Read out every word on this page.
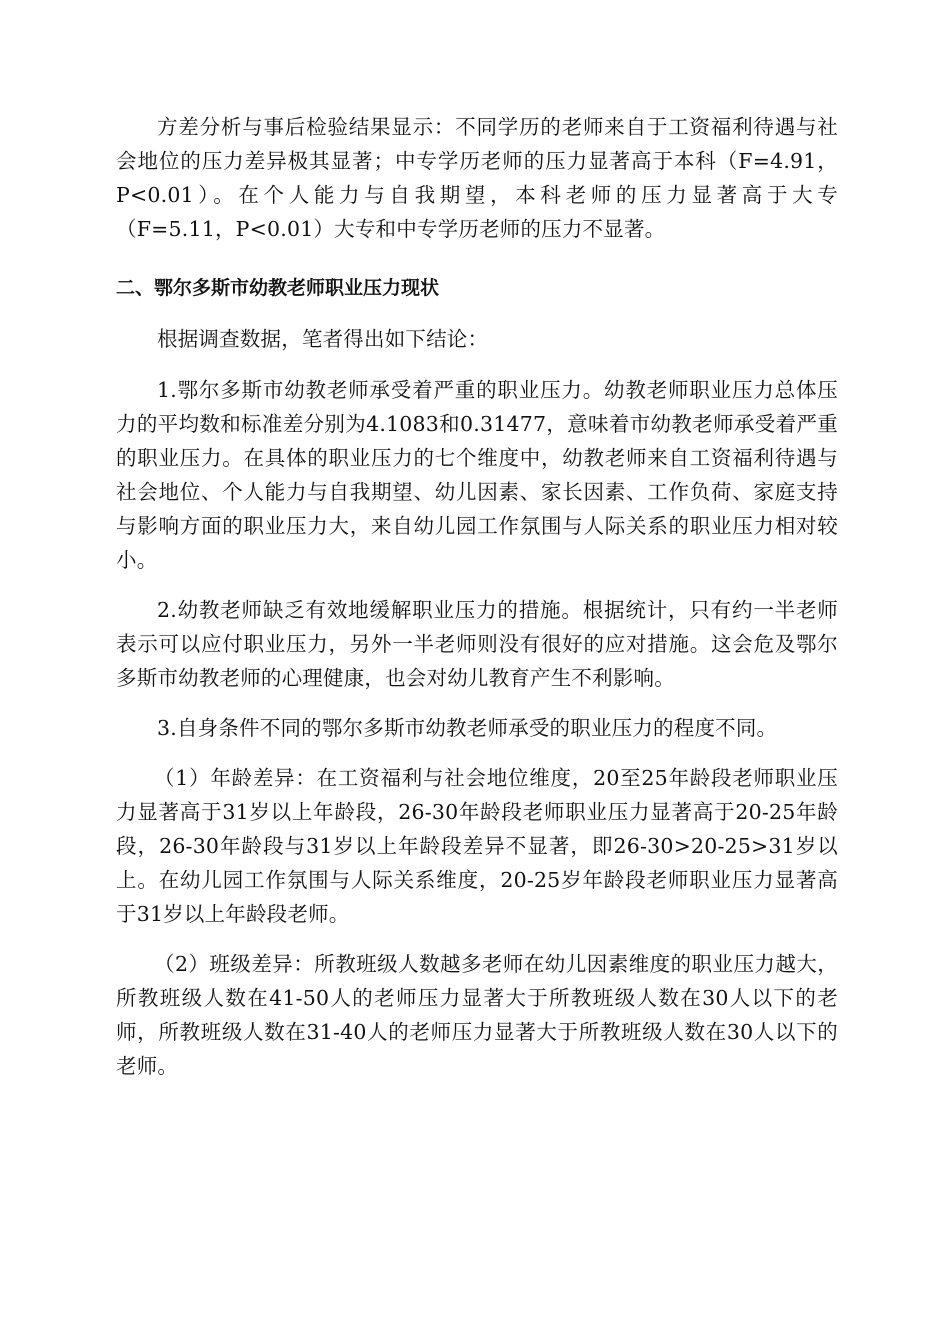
方差分析与事后检验结果显示：不同学历的老师来自于工资福利待遇与社会地位的压力差异极其显著；中专学历老师的压力显著高于本科（F=4.91，P<0.01）。在个人能力与自我期望，本科老师的压力显著高于大专（F=5.11，P<0.01）大专和中专学历老师的压力不显著。

二、鄂尔多斯市幼教老师职业压力现状

根据调查数据，笔者得出如下结论：

1.鄂尔多斯市幼教老师承受着严重的职业压力。幼教老师职业压力总体压力的平均数和标准差分别为4.1083和0.31477，意味着市幼教老师承受着严重的职业压力。在具体的职业压力的七个维度中，幼教老师来自工资福利待遇与社会地位、个人能力与自我期望、幼儿因素、家长因素、工作负荷、家庭支持与影响方面的职业压力大，来自幼儿园工作氛围与人际关系的职业压力相对较小。

2.幼教老师缺乏有效地缓解职业压力的措施。根据统计，只有约一半老师表示可以应付职业压力，另外一半老师则没有很好的应对措施。这会危及鄂尔多斯市幼教老师的心理健康，也会对幼儿教育产生不利影响。

3.自身条件不同的鄂尔多斯市幼教老师承受的职业压力的程度不同。

（1）年龄差异：在工资福利与社会地位维度，20至25年龄段老师职业压力显著高于31岁以上年龄段，26-30年龄段老师职业压力显著高于20-25年龄段，26-30年龄段与31岁以上年龄段差异不显著，即26-30>20-25>31岁以上。在幼儿园工作氛围与人际关系维度，20-25岁年龄段老师职业压力显著高于31岁以上年龄段老师。

（2）班级差异：所教班级人数越多老师在幼儿因素维度的职业压力越大，所教班级人数在41-50人的老师压力显著大于所教班级人数在30人以下的老师，所教班级人数在31-40人的老师压力显著大于所教班级人数在30人以下的老师。
